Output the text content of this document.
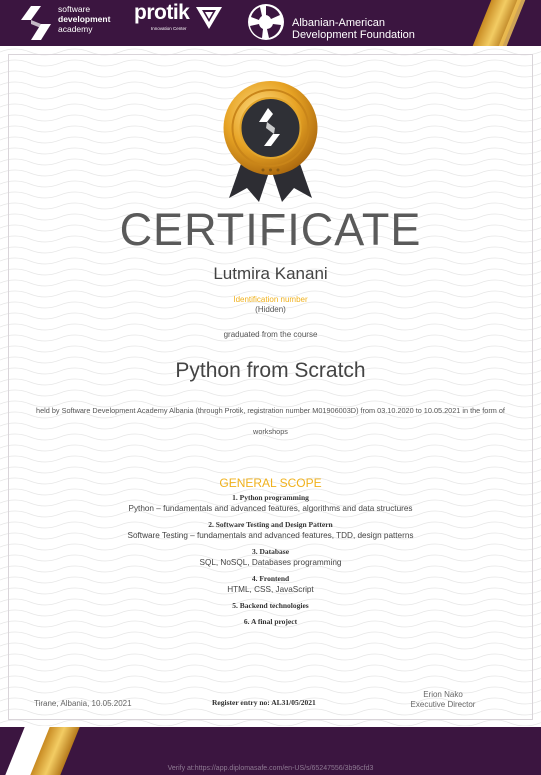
software
development
academy
protik
Innovation Center	Albanian-American
Development Foundation
CERTIFICATE
Lutmira Kanani
Identification number
(Hidden)
graduated from the course
Python from Scratch
held by Software Development Academy Albania (through Protik, registration number M01906003D) from 03.10.2020 to 10.05.2021 in the form of workshops
GENERAL SCOPE
1. Python programming
Python – fundamentals and advanced features, algorithms and data structures
2. Software Testing and Design Pattern
Software Testing – fundamentals and advanced features, TDD, design patterns
3. Database
SQL, NoSQL, Databases programming
4. Frontend
HTML, CSS, JavaScript
5. Backend technologies
6. A final project
Tirane, Albania, 10.05.2021	Register entry no: AL31/05/2021
Erion Nako
Executive Director
Verify at:https://app.diplomasafe.com/en-US/s/65247556/3b96cfd3
